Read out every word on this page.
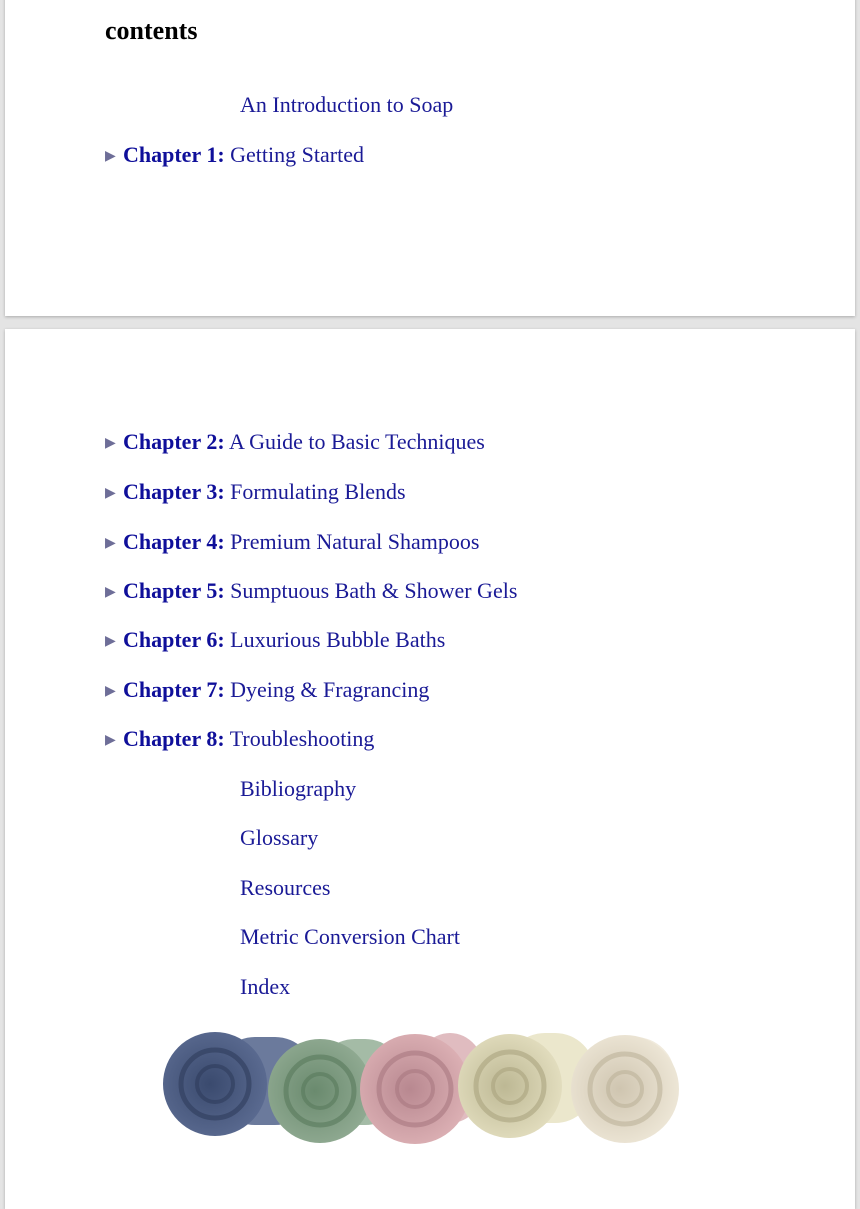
contents
An Introduction to Soap
▶ Chapter 1: Getting Started
▶ Chapter 2: A Guide to Basic Techniques
▶ Chapter 3: Formulating Blends
▶ Chapter 4: Premium Natural Shampoos
▶ Chapter 5: Sumptuous Bath & Shower Gels
▶ Chapter 6: Luxurious Bubble Baths
▶ Chapter 7: Dyeing & Fragrancing
▶ Chapter 8: Troubleshooting
Bibliography
Glossary
Resources
Metric Conversion Chart
Index
